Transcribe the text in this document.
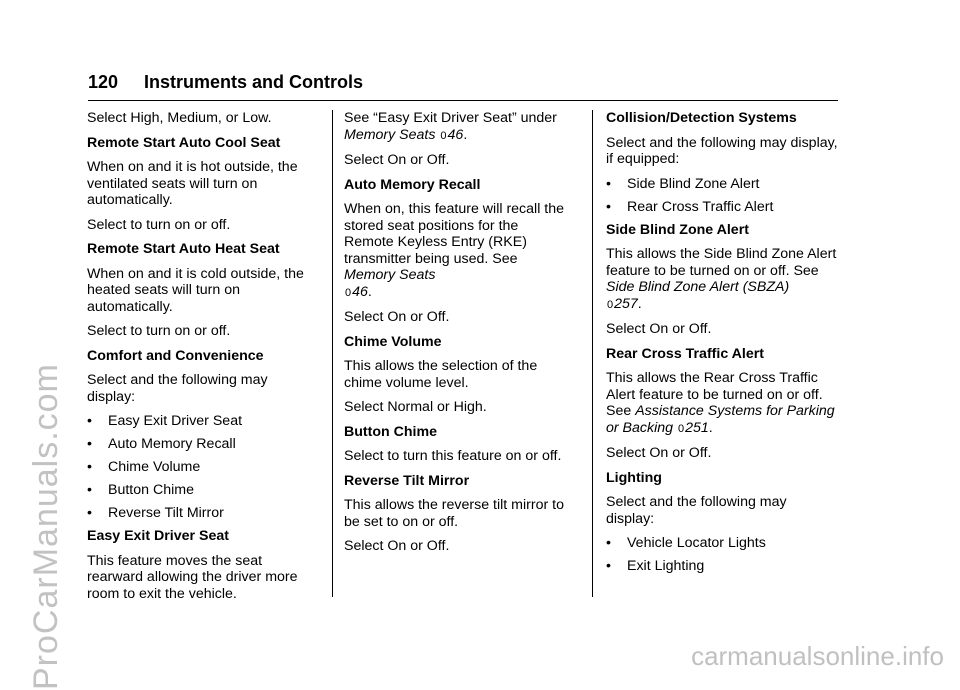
120 Instruments and Controls

Select High, Medium, or Low.

Remote Start Auto Cool Seat

When on and it is hot outside, the ventilated seats will turn on automatically.

Select to turn on or off.

Remote Start Auto Heat Seat

When on and it is cold outside, the heated seats will turn on automatically.

Select to turn on or off.

Comfort and Convenience

Select and the following may display:

• Easy Exit Driver Seat

• Auto Memory Recall

• Chime Volume

• Button Chime

• Reverse Tilt Mirror

Easy Exit Driver Seat

This feature moves the seat rearward allowing the driver more room to exit the vehicle.

See “Easy Exit Driver Seat” under Memory Seats 046.

Select On or Off.

Auto Memory Recall

When on, this feature will recall the stored seat positions for the Remote Keyless Entry (RKE) transmitter being used. See Memory Seats
046.

Select On or Off.

Chime Volume

This allows the selection of the chime volume level.

Select Normal or High.

Button Chime

Select to turn this feature on or off.

Reverse Tilt Mirror

This allows the reverse tilt mirror to be set to on or off.

Select On or Off.

Collision/Detection Systems

Select and the following may display, if equipped:

• Side Blind Zone Alert

• Rear Cross Traffic Alert

Side Blind Zone Alert

This allows the Side Blind Zone Alert feature to be turned on or off. See Side Blind Zone Alert (SBZA)
0257.

Select On or Off.

Rear Cross Traffic Alert

This allows the Rear Cross Traffic Alert feature to be turned on or off. See Assistance Systems for Parking or Backing 0251.

Select On or Off.

Lighting

Select and the following may display:

• Vehicle Locator Lights

• Exit Lighting

ProCarManuals.com	carmanualsonline.info
